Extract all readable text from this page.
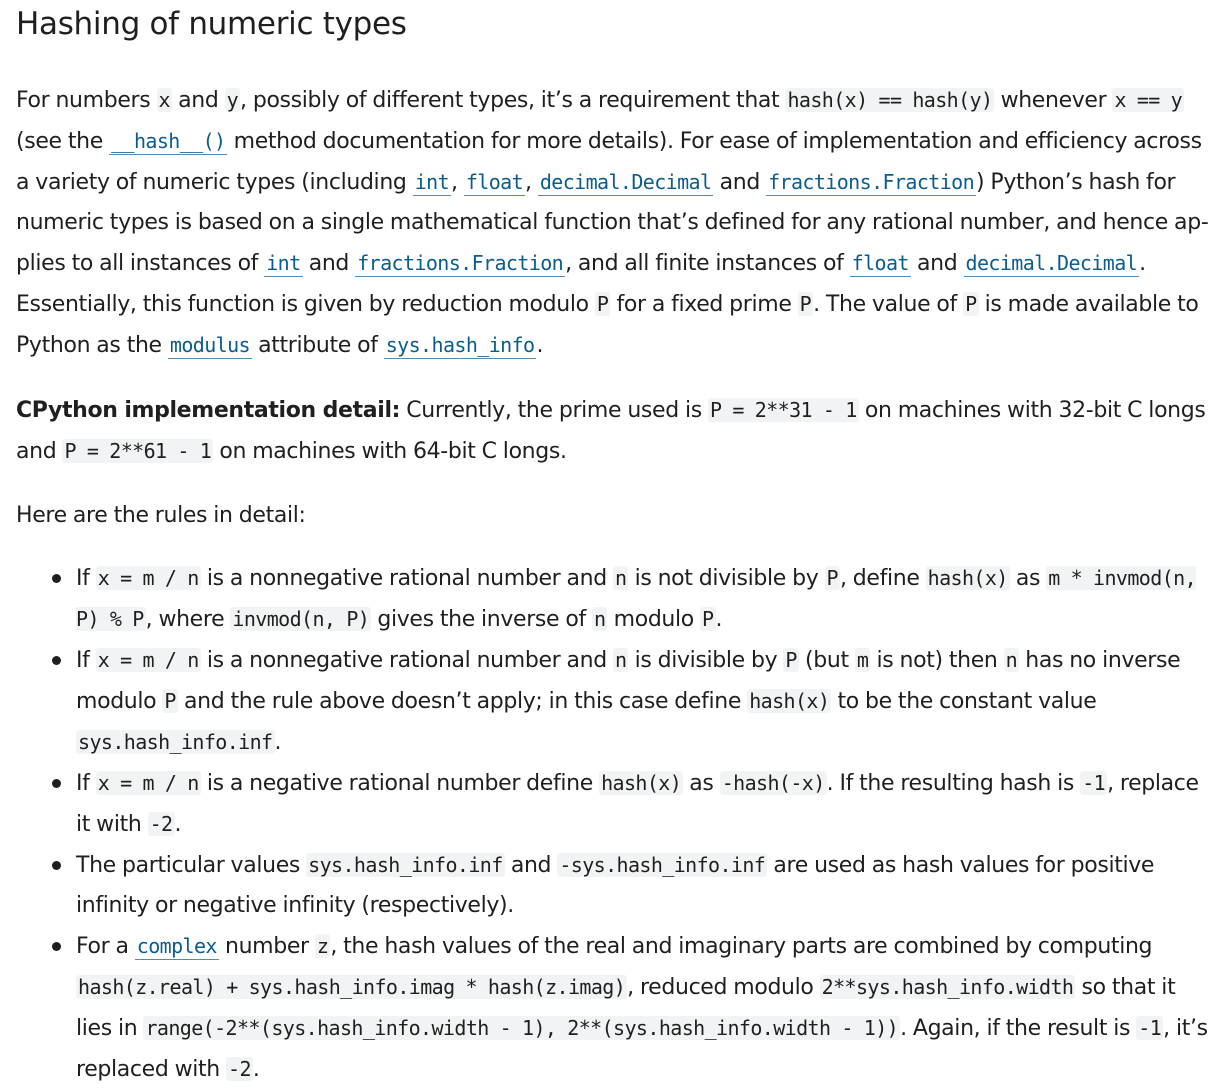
Hashing of numeric types

For numbers x and y, possibly of different types, it’s a requirement that hash(x) == hash(y) whenever x == y (see the __hash__() method documentation for more details). For ease of implementation and efficiency across a variety of numeric types (including int, float, decimal.Decimal and fractions.Fraction) Python’s hash for numeric types is based on a single mathematical function that’s defined for any rational number, and hence applies to all instances of int and fractions.Fraction, and all finite instances of float and decimal.Decimal. Essentially, this function is given by reduction modulo P for a fixed prime P. The value of P is made available to Python as the modulus attribute of sys.hash_info.

CPython implementation detail: Currently, the prime used is P = 2**31 - 1 on machines with 32-bit C longs and P = 2**61 - 1 on machines with 64-bit C longs.

Here are the rules in detail:

If x = m / n is a nonnegative rational number and n is not divisible by P, define hash(x) as m * invmod(n, P) % P, where invmod(n, P) gives the inverse of n modulo P.
If x = m / n is a nonnegative rational number and n is divisible by P (but m is not) then n has no inverse modulo P and the rule above doesn’t apply; in this case define hash(x) to be the constant value sys.hash_info.inf.
If x = m / n is a negative rational number define hash(x) as -hash(-x). If the resulting hash is -1, replace it with -2.
The particular values sys.hash_info.inf and -sys.hash_info.inf are used as hash values for positive infinity or negative infinity (respectively).
For a complex number z, the hash values of the real and imaginary parts are combined by computing hash(z.real) + sys.hash_info.imag * hash(z.imag), reduced modulo 2**sys.hash_info.width so that it lies in range(-2**(sys.hash_info.width - 1), 2**(sys.hash_info.width - 1)). Again, if the result is -1, it’s replaced with -2.
